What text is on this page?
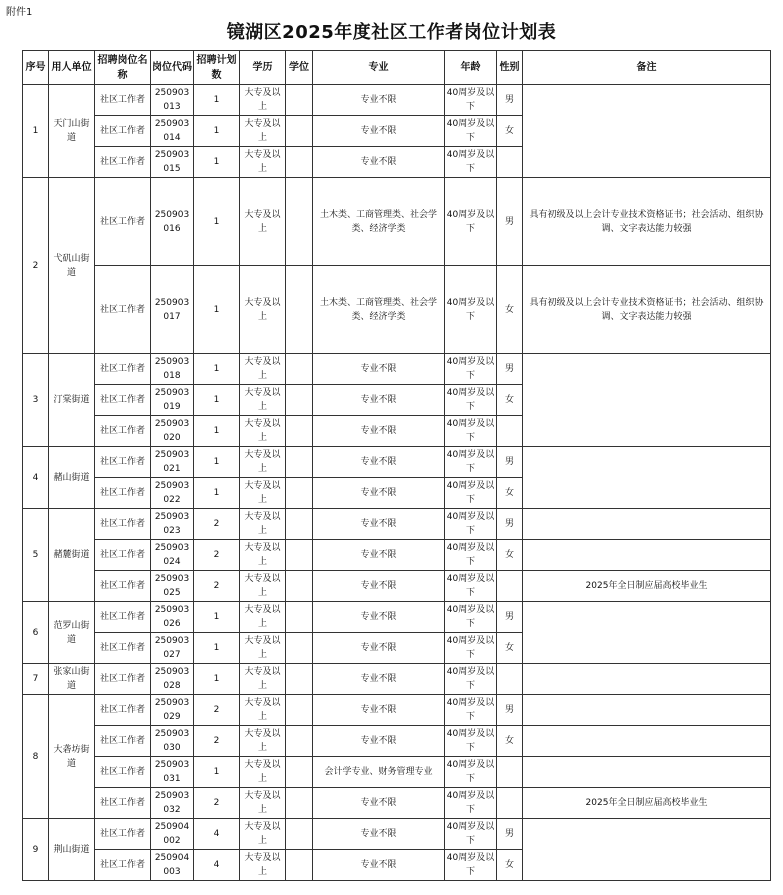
附件1
镜湖区2025年度社区工作者岗位计划表
序号	用人单位	招聘岗位名称	岗位代码	招聘计划数	学历	学位	专业	年龄	性别	备注
1	天门山街道	社区工作者	250903013	1	大专及以上		专业不限	40周岁及以下	男	
		社区工作者	250903014	1	大专及以上		专业不限	40周岁及以下	女	
		社区工作者	250903015	1	大专及以上		专业不限	40周岁及以下		
2	弋矶山街道	社区工作者	250903016	1	大专及以上		土木类、工商管理类、社会学类、经济学类	40周岁及以下	男	具有初级及以上会计专业技术资格证书；社会活动、组织协调、文字表达能力较强
		社区工作者	250903017	1	大专及以上		土木类、工商管理类、社会学类、经济学类	40周岁及以下	女	具有初级及以上会计专业技术资格证书；社会活动、组织协调、文字表达能力较强
3	汀棠街道	社区工作者	250903018	1	大专及以上		专业不限	40周岁及以下	男	
		社区工作者	250903019	1	大专及以上		专业不限	40周岁及以下	女	
		社区工作者	250903020	1	大专及以上		专业不限	40周岁及以下		
4	赭山街道	社区工作者	250903021	1	大专及以上		专业不限	40周岁及以下	男	
		社区工作者	250903022	1	大专及以上		专业不限	40周岁及以下	女	
5	赭麓街道	社区工作者	250903023	2	大专及以上		专业不限	40周岁及以下	男	
		社区工作者	250903024	2	大专及以上		专业不限	40周岁及以下	女	
		社区工作者	250903025	2	大专及以上		专业不限	40周岁及以下		2025年全日制应届高校毕业生
6	范罗山街道	社区工作者	250903026	1	大专及以上		专业不限	40周岁及以下	男	
		社区工作者	250903027	1	大专及以上		专业不限	40周岁及以下	女	
7	张家山街道	社区工作者	250903028	1	大专及以上		专业不限	40周岁及以下		
8	大砻坊街道	社区工作者	250903029	2	大专及以上		专业不限	40周岁及以下	男	
		社区工作者	250903030	2	大专及以上		专业不限	40周岁及以下	女	
		社区工作者	250903031	1	大专及以上		会计学专业、财务管理专业	40周岁及以下		
		社区工作者	250903032	2	大专及以上		专业不限	40周岁及以下		2025年全日制应届高校毕业生
9	荆山街道	社区工作者	250904002	4	大专及以上		专业不限	40周岁及以下	男	
		社区工作者	250904003	4	大专及以上		专业不限	40周岁及以下	女	
